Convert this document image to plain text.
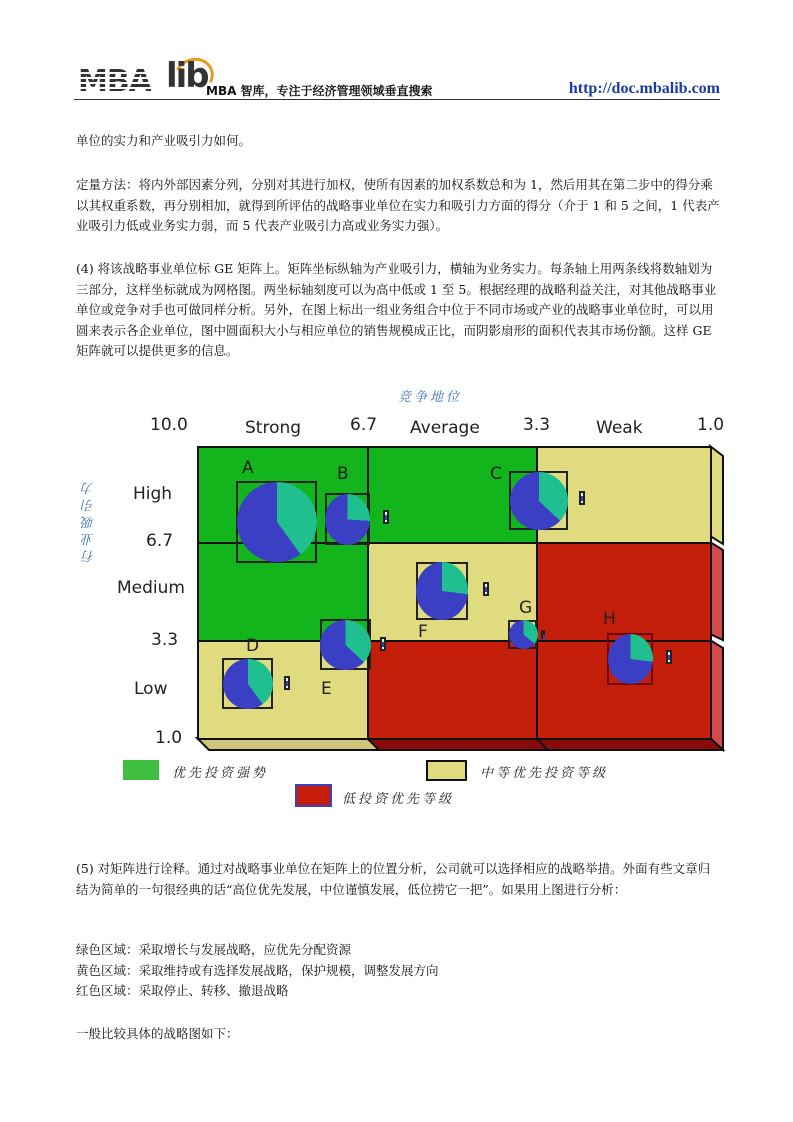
MBA lib
MBA 智库，专注于经济管理领域垂直搜索	http://doc.mbalib.com

单位的实力和产业吸引力如何。

定量方法：将内外部因素分列，分别对其进行加权，使所有因素的加权系数总和为 1，然后用其在第二步中的得分乘以其权重系数，再分别相加，就得到所评估的战略事业单位在实力和吸引力方面的得分（介于 1 和 5 之间，1 代表产业吸引力低或业务实力弱，而 5 代表产业吸引力高或业务实力强）。

(4) 将该战略事业单位标 GE 矩阵上。矩阵坐标纵轴为产业吸引力，横轴为业务实力。每条轴上用两条线将数轴划为三部分，这样坐标就成为网格图。两坐标轴刻度可以为高中低或 1 至 5。根据经理的战略利益关注，对其他战略事业单位或竞争对手也可做同样分析。另外，在图上标出一组业务组合中位于不同市场或产业的战略事业单位时，可以用圆来表示各企业单位，图中圆面积大小与相应单位的销售规模成正比，而阴影扇形的面积代表其市场份额。这样 GE 矩阵就可以提供更多的信息。

竞争地位
行业吸引力
10.0	Strong	6.7 Average	3.3	Weak	1.0
High
6.7
Medium
3.3
Low
1.0
A	B	C
D
E
F
G
H
优先投资强势	中等优先投资等级
低投资优先等级

(5) 对矩阵进行诠释。通过对战略事业单位在矩阵上的位置分析，公司就可以选择相应的战略举措。外面有些文章归结为简单的一句很经典的话“高位优先发展，中位谨慎发展，低位捞它一把”。如果用上图进行分析：

绿色区域：采取增长与发展战略，应优先分配资源

黄色区域：采取维持或有选择发展战略，保护规模，调整发展方向

红色区域：采取停止、转移、撤退战略

一般比较具体的战略图如下：
